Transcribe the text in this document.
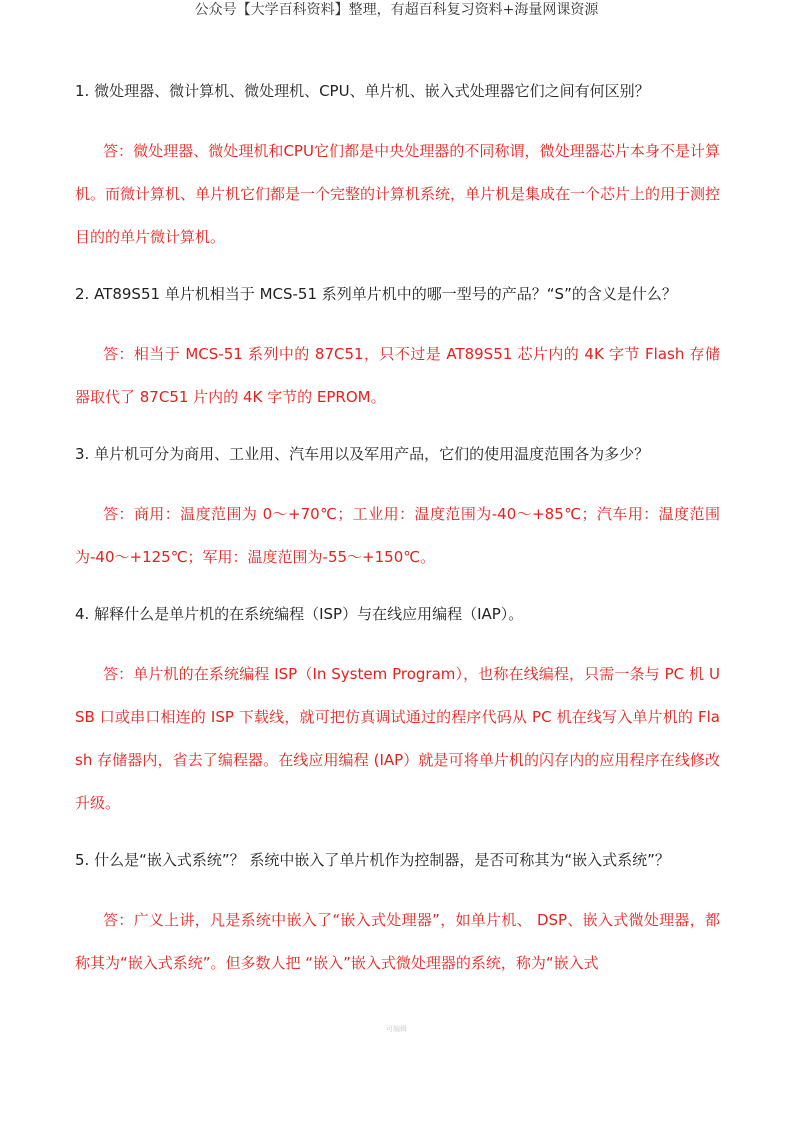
公众号【大学百科资料】整理，有超百科复习资料+海量网课资源

1. 微处理器、微计算机、微处理机、CPU、单片机、嵌入式处理器它们之间有何区别？

答：微处理器、微处理机和CPU它们都是中央处理器的不同称谓，微处理器芯片本身不是计算机。而微计算机、单片机它们都是一个完整的计算机系统，单片机是集成在一个芯片上的用于测控目的的单片微计算机。

2. AT89S51 单片机相当于 MCS-51 系列单片机中的哪一型号的产品？“S”的含义是什么？

答：相当于 MCS-51 系列中的 87C51，只不过是 AT89S51 芯片内的 4K 字节 Flash 存储器取代了 87C51 片内的 4K 字节的 EPROM。

3. 单片机可分为商用、工业用、汽车用以及军用产品，它们的使用温度范围各为多少？

答：商用：温度范围为 0～+70℃；工业用：温度范围为-40～+85℃；汽车用：温度范围为-40～+125℃；军用：温度范围为-55～+150℃。

4. 解释什么是单片机的在系统编程（ISP）与在线应用编程（IAP）。

答：单片机的在系统编程 ISP（In System Program），也称在线编程，只需一条与 PC 机 USB 口或串口相连的 ISP 下载线，就可把仿真调试通过的程序代码从 PC 机在线写入单片机的 Flash 存储器内，省去了编程器。在线应用编程 (IAP）就是可将单片机的闪存内的应用程序在线修改升级。

5. 什么是“嵌入式系统”？ 系统中嵌入了单片机作为控制器，是否可称其为“嵌入式系统”？

答：广义上讲，凡是系统中嵌入了“嵌入式处理器”，如单片机、 DSP、嵌入式微处理器，都称其为“嵌入式系统”。但多数人把 “嵌入”嵌入式微处理器的系统，称为“嵌入式

可编辑
